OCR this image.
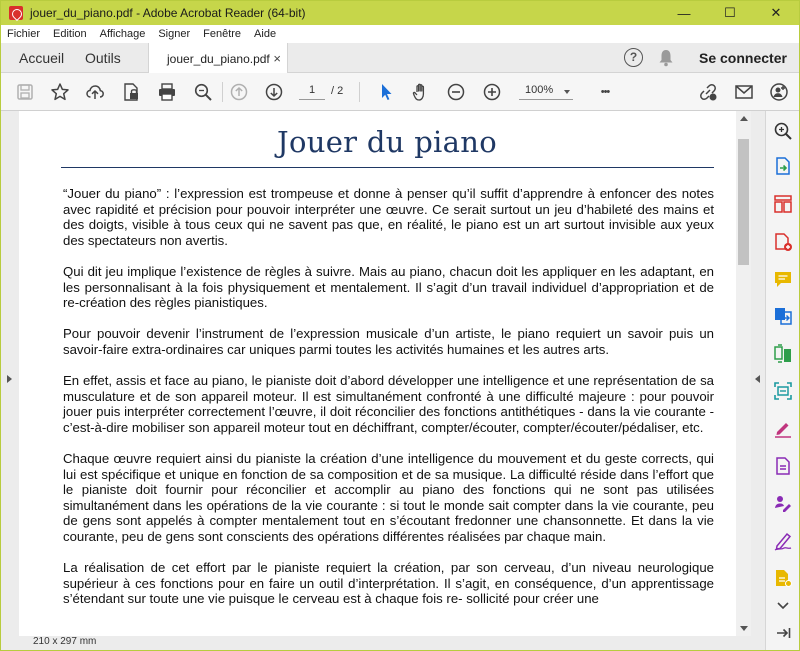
jouer_du_piano.pdf - Adobe Acrobat Reader (64-bit)	—	☐	✕
Fichier Edition Affichage Signer Fenêtre Aide
Accueil Outils	jouer_du_piano.pdf ×	?	Se connecter
1	/ 2	100%	•••
Jouer du piano

“Jouer du piano” : l’expression est trompeuse et donne à penser qu’il suffit d’apprendre à enfoncer des notes avec rapidité et précision pour pouvoir interpréter une œuvre. Ce serait surtout un jeu d’habileté des mains et des doigts, visible à tous ceux qui ne savent pas que, en réalité, le piano est un art surtout invisible aux yeux des spectateurs non avertis.

Qui dit jeu implique l’existence de règles à suivre. Mais au piano, chacun doit les appliquer en les adaptant, en les personnalisant à la fois physiquement et mentalement. Il s’agit d’un travail individuel d’appropriation et de re-création des règles pianistiques.

Pour pouvoir devenir l’instrument de l’expression musicale d’un artiste, le piano requiert un savoir puis un savoir-faire extra-ordinaires car uniques parmi toutes les activités humaines et les autres arts.

En effet, assis et face au piano, le pianiste doit d’abord développer une intelligence et une représentation de sa musculature et de son appareil moteur. Il est simultanément confronté à une difficulté majeure : pour pouvoir jouer puis interpréter correctement l’œuvre, il doit réconcilier des fonctions antithétiques - dans la vie courante - c’est-à-dire mobiliser son appareil moteur tout en déchiffrant, compter/écouter, compter/écouter/pédaliser, etc.

Chaque œuvre requiert ainsi du pianiste la création d’une intelligence du mouvement et du geste corrects, qui lui est spécifique et unique en fonction de sa composition et de sa musique. La difficulté réside dans l’effort que le pianiste doit fournir pour réconcilier et accomplir au piano des fonctions qui ne sont pas utilisées simultanément dans les opérations de la vie courante : si tout le monde sait compter dans la vie courante, peu de gens sont appelés à compter mentalement tout en s’écoutant fredonner une chansonnette. Et dans la vie courante, peu de gens sont conscients des opérations différentes réalisées par chaque main.

La réalisation de cet effort par le pianiste requiert la création, par son cerveau, d’un niveau neurologique supérieur à ces fonctions pour en faire un outil d’interprétation. Il s’agit, en conséquence, d’un apprentissage s’étendant sur toute une vie puisque le cerveau est à chaque fois re- sollicité pour créer une

210 x 297 mm
